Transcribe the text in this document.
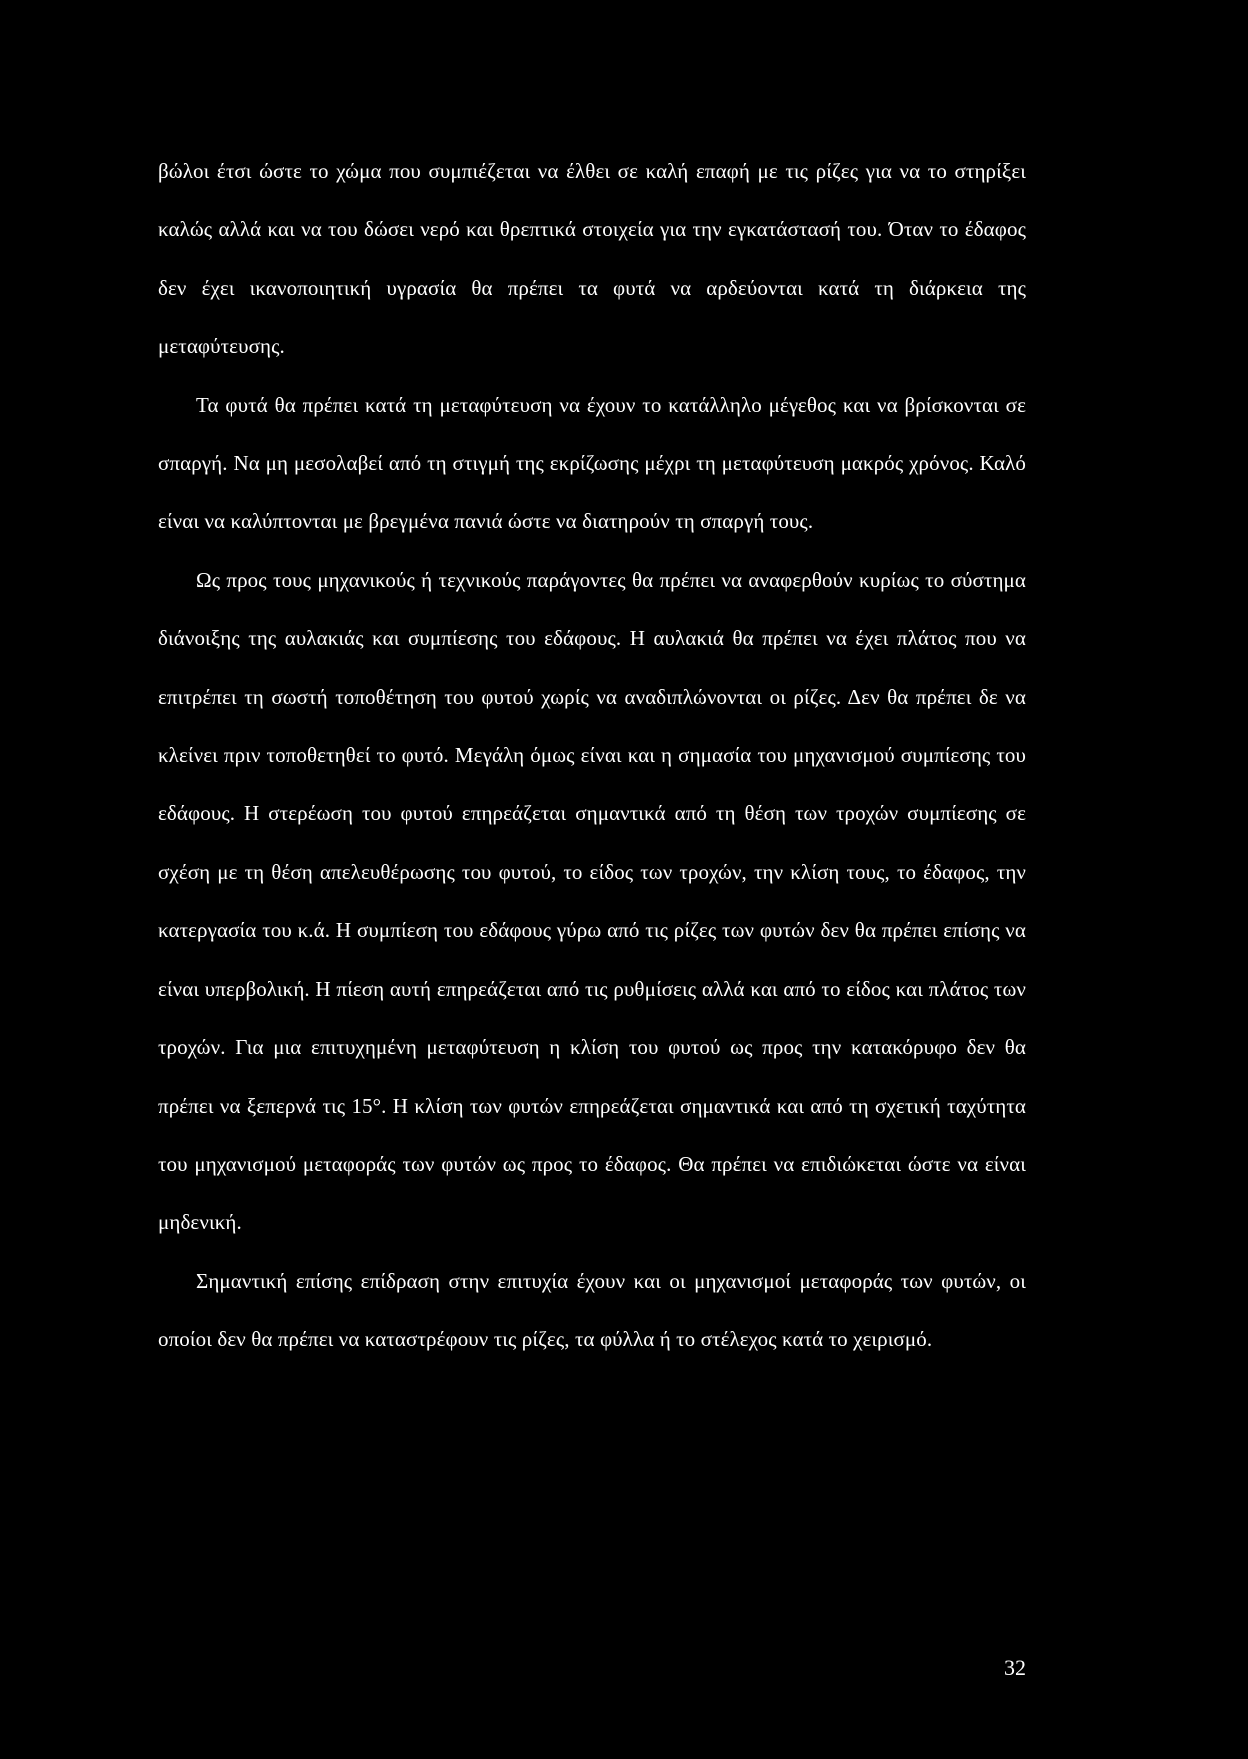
βώλοι έτσι ώστε το χώμα που συμπιέζεται να έλθει σε καλή επαφή με τις ρίζες για να το στηρίξει καλώς αλλά και να του δώσει νερό και θρεπτικά στοιχεία για την εγκατάστασή του. Όταν το έδαφος δεν έχει ικανοποιητική υγρασία θα πρέπει τα φυτά να αρδεύονται κατά τη διάρκεια της μεταφύτευσης.

Τα φυτά θα πρέπει κατά τη μεταφύτευση να έχουν το κατάλληλο μέγεθος και να βρίσκονται σε σπαργή. Να μη μεσολαβεί από τη στιγμή της εκρίζωσης μέχρι τη μεταφύτευση μακρός χρόνος. Καλό είναι να καλύπτονται με βρεγμένα πανιά ώστε να διατηρούν τη σπαργή τους.

Ως προς τους μηχανικούς ή τεχνικούς παράγοντες θα πρέπει να αναφερθούν κυρίως το σύστημα διάνοιξης της αυλακιάς και συμπίεσης του εδάφους. Η αυλακιά θα πρέπει να έχει πλάτος που να επιτρέπει τη σωστή τοποθέτηση του φυτού χωρίς να αναδιπλώνονται οι ρίζες. Δεν θα πρέπει δε να κλείνει πριν τοποθετηθεί το φυτό. Μεγάλη όμως είναι και η σημασία του μηχανισμού συμπίεσης του εδάφους. Η στερέωση του φυτού επηρεάζεται σημαντικά από τη θέση των τροχών συμπίεσης σε σχέση με τη θέση απελευθέρωσης του φυτού, το είδος των τροχών, την κλίση τους, το έδαφος, την κατεργασία του κ.ά. Η συμπίεση του εδάφους γύρω από τις ρίζες των φυτών δεν θα πρέπει επίσης να είναι υπερβολική. Η πίεση αυτή επηρεάζεται από τις ρυθμίσεις αλλά και από το είδος και πλάτος των τροχών. Για μια επιτυχημένη μεταφύτευση η κλίση του φυτού ως προς την κατακόρυφο δεν θα πρέπει να ξεπερνά τις 15°. Η κλίση των φυτών επηρεάζεται σημαντικά και από τη σχετική ταχύτητα του μηχανισμού μεταφοράς των φυτών ως προς το έδαφος. Θα πρέπει να επιδιώκεται ώστε να είναι μηδενική.

Σημαντική επίσης επίδραση στην επιτυχία έχουν και οι μηχανισμοί μεταφοράς των φυτών, οι οποίοι δεν θα πρέπει να καταστρέφουν τις ρίζες, τα φύλλα ή το στέλεχος κατά το χειρισμό.

32
